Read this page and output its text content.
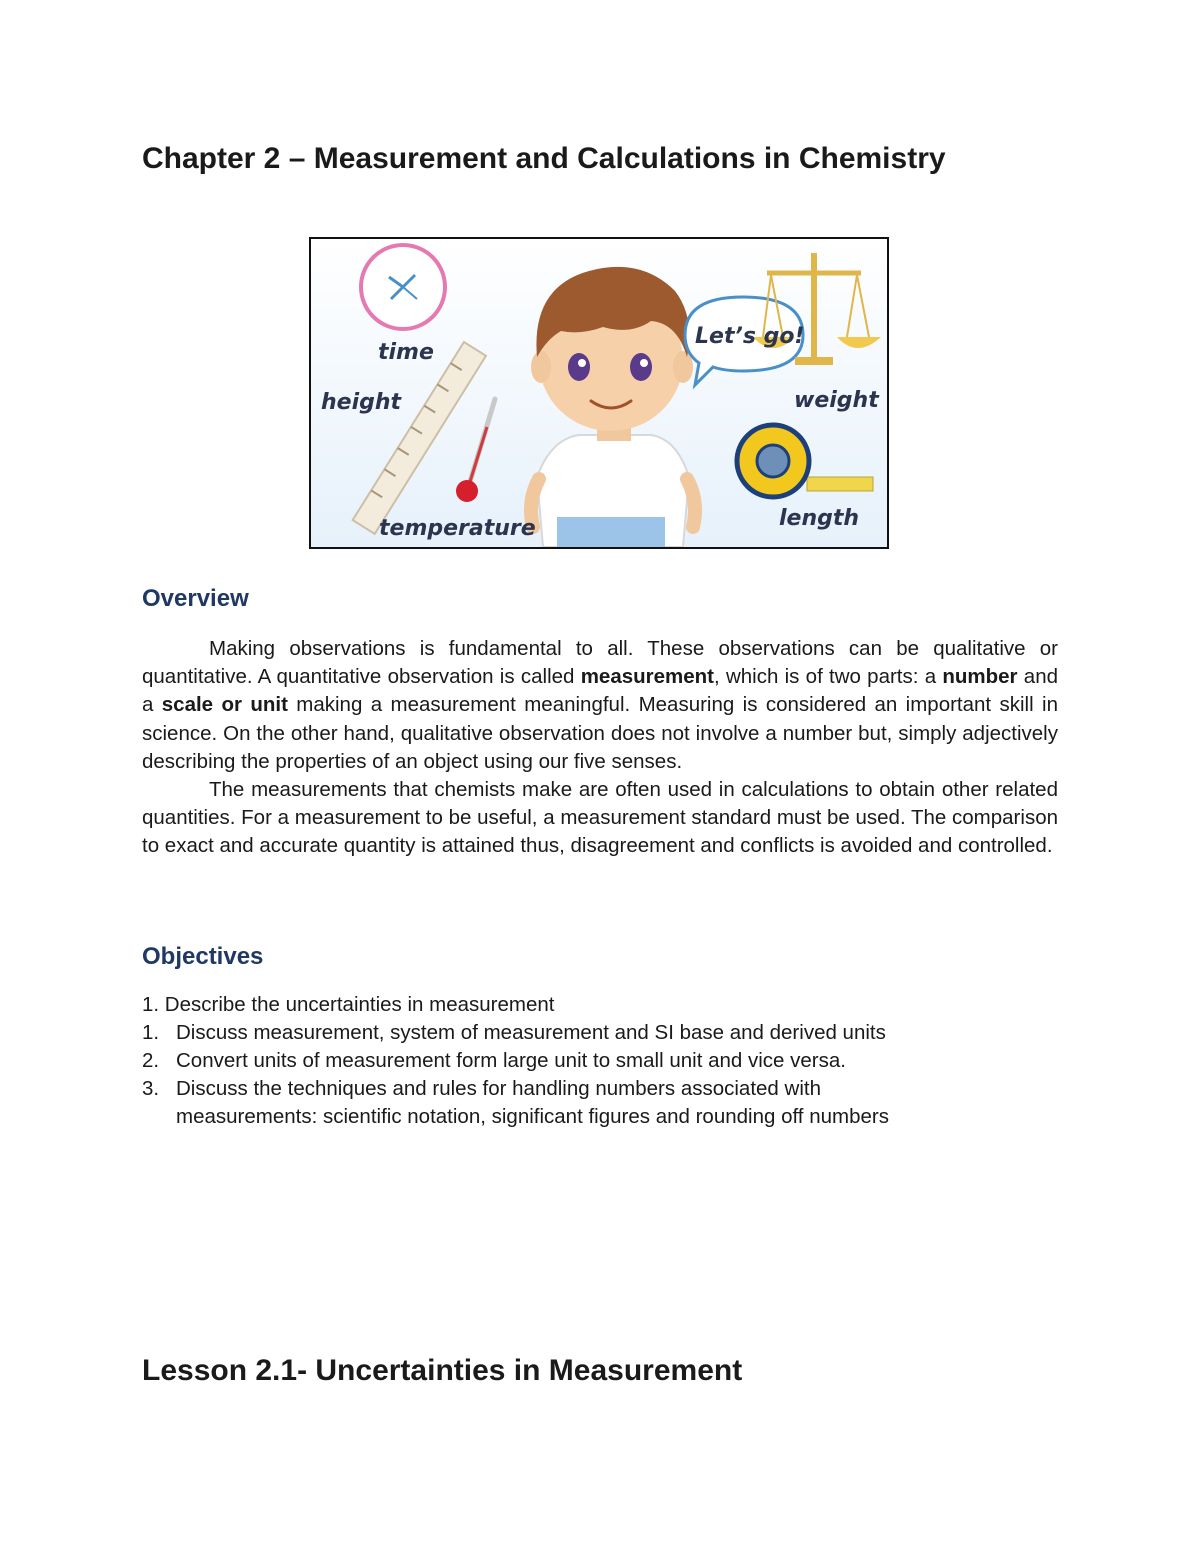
Chapter 2 – Measurement and Calculations in Chemistry
time
height
temperature
weight
length
Let’s go!
Overview

Making observations is fundamental to all. These observations can be qualitative or quantitative. A quantitative observation is called measurement, which is of two parts: a number and a scale or unit making a measurement meaningful. Measuring is considered an important skill in science. On the other hand, qualitative observation does not involve a number but, simply adjectively describing the properties of an object using our five senses.

The measurements that chemists make are often used in calculations to obtain other related quantities. For a measurement to be useful, a measurement standard must be used. The comparison to exact and accurate quantity is attained thus, disagreement and conflicts is avoided and controlled.

Objectives
1. Describe the uncertainties in measurement
1. Discuss measurement, system of measurement and SI base and derived units
2. Convert units of measurement form large unit to small unit and vice versa.
3. Discuss the techniques and rules for handling numbers associated with
measurements: scientific notation, significant figures and rounding off numbers
Lesson 2.1- Uncertainties in Measurement
